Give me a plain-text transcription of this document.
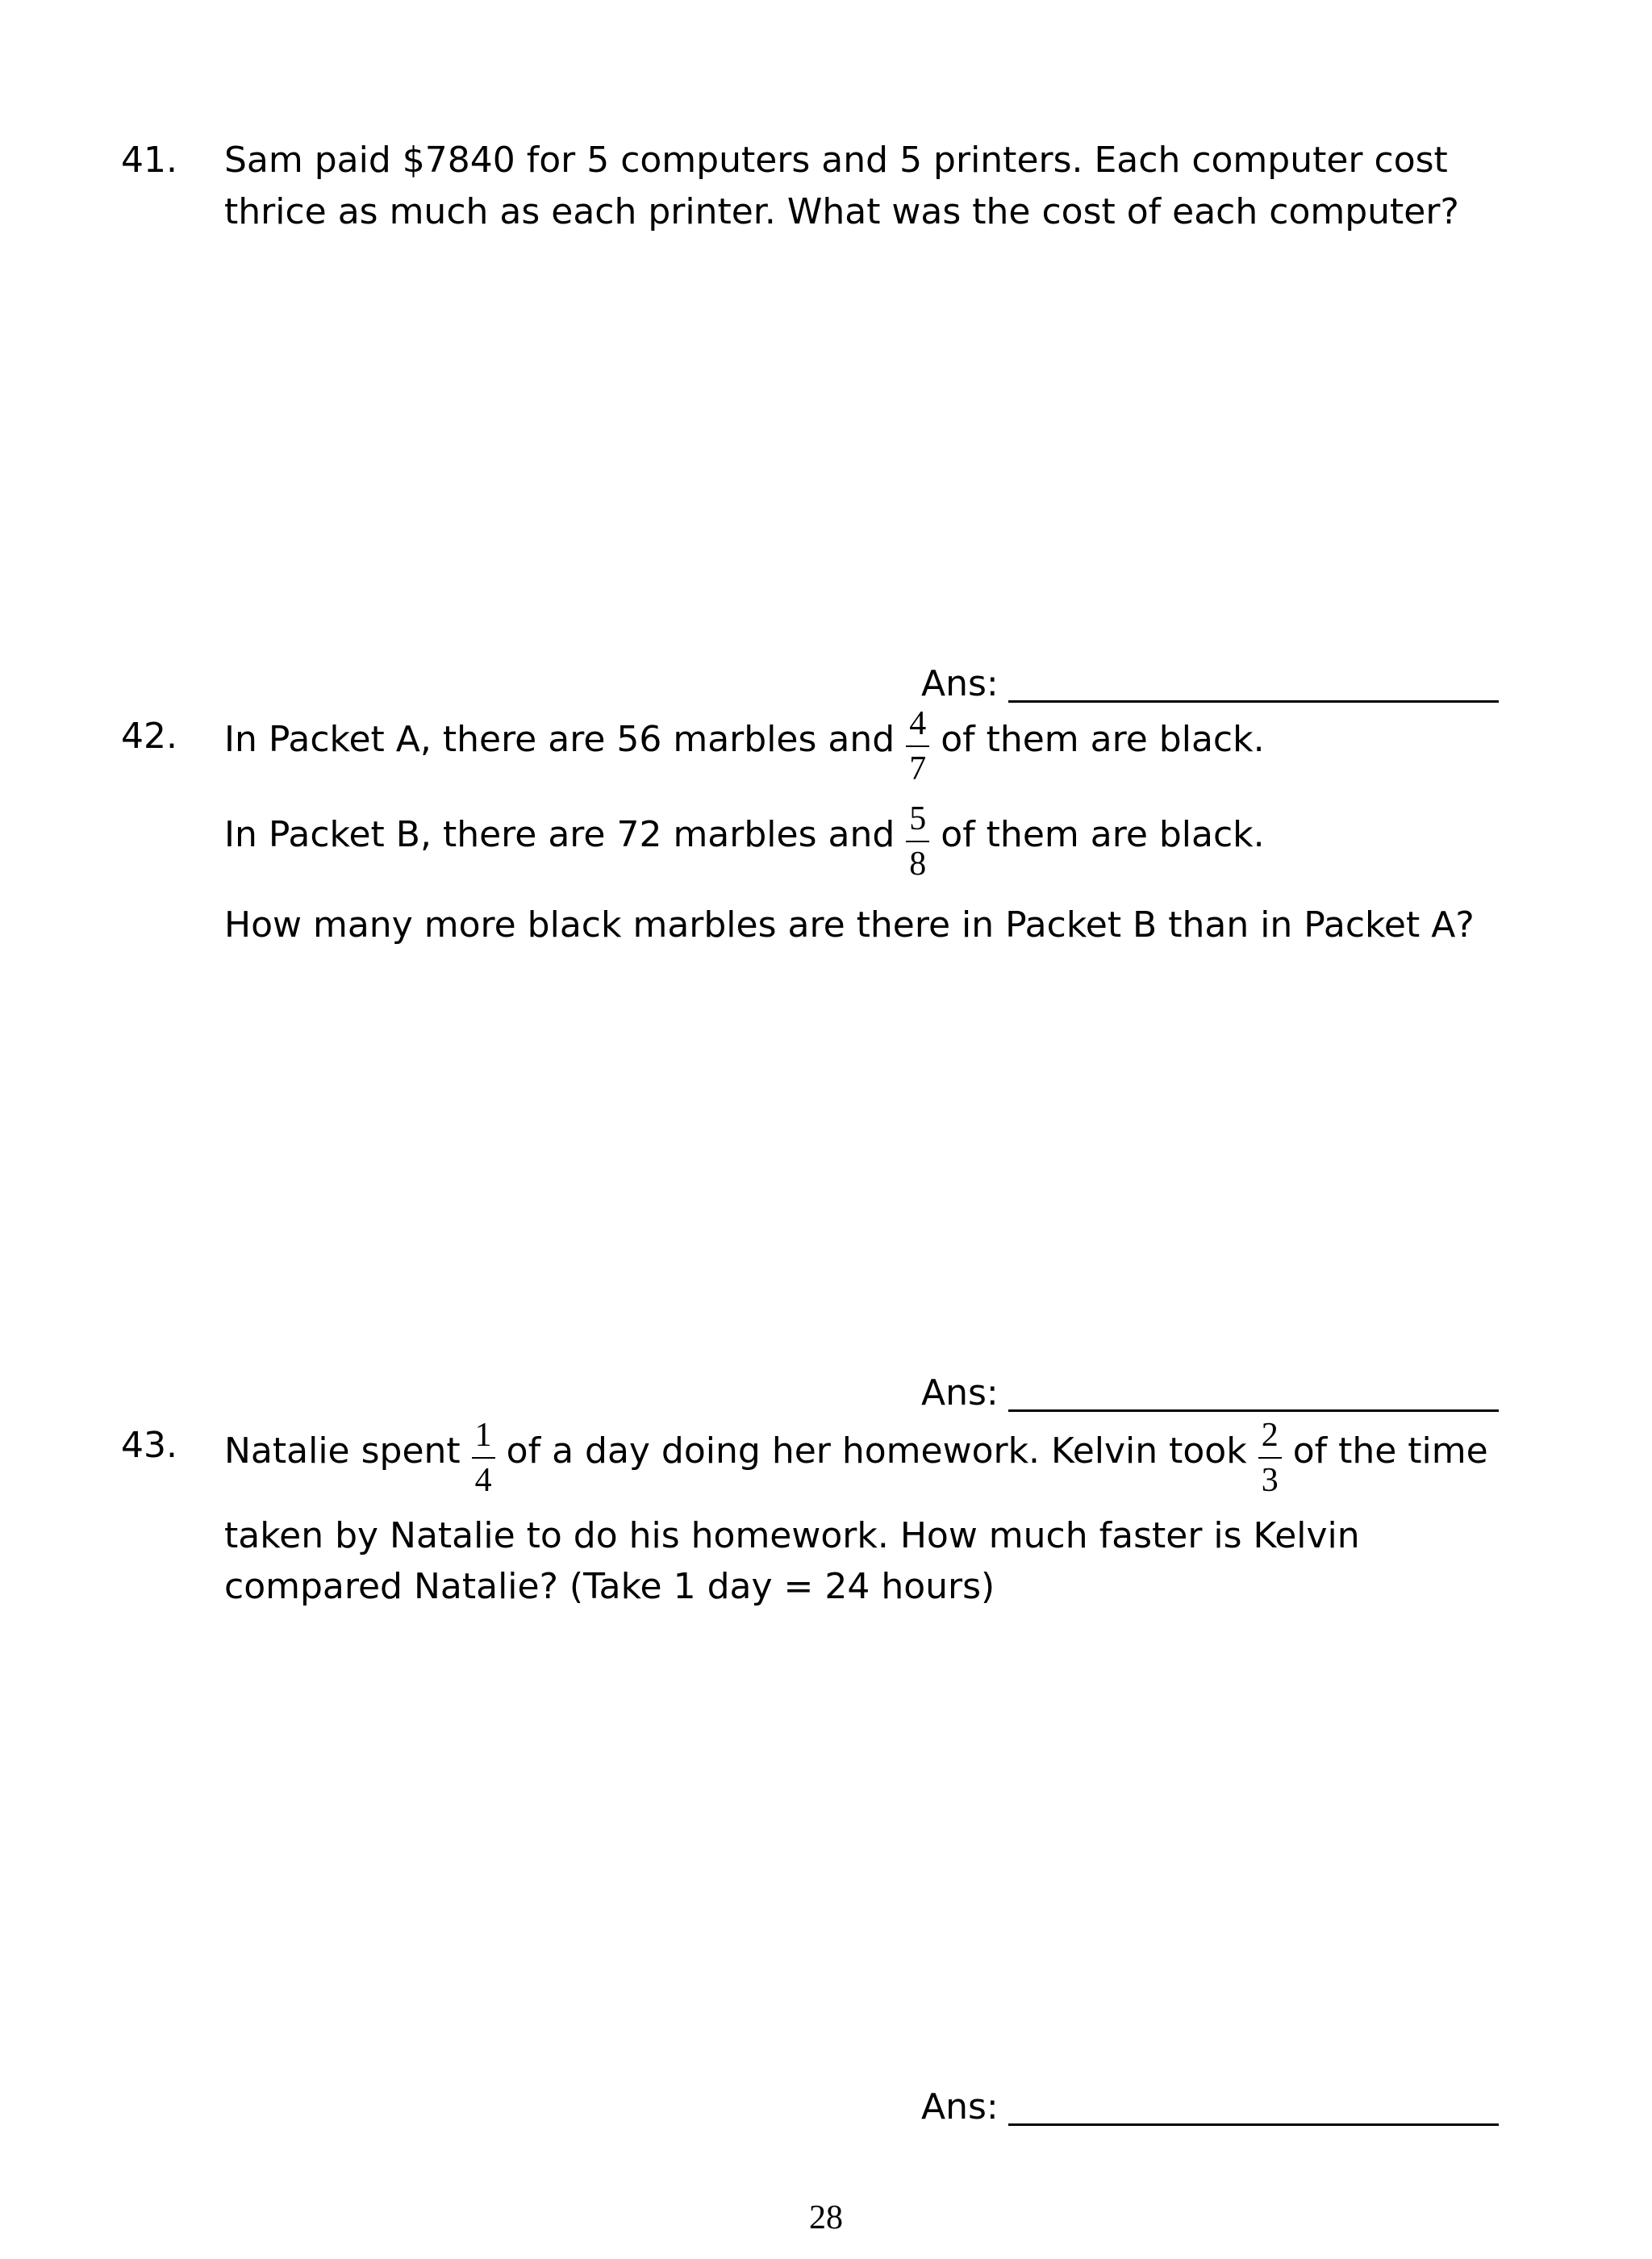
41. Sam paid $7840 for 5 computers and 5 printers. Each computer cost
thrice as much as each printer. What was the cost of each computer?
Ans:
42. In Packet A, there are 56 marbles and $\frac{4}{7}$ of them are black.
In Packet B, there are 72 marbles and $\frac{5}{8}$ of them are black.
How many more black marbles are there in Packet B than in Packet A?
Ans:
43. Natalie spent $\frac{1}{4}$ of a day doing her homework. Kelvin took $\frac{2}{3}$ of the time
taken by Natalie to do his homework. How much faster is Kelvin
compared Natalie? (Take 1 day = 24 hours)
Ans:
28
